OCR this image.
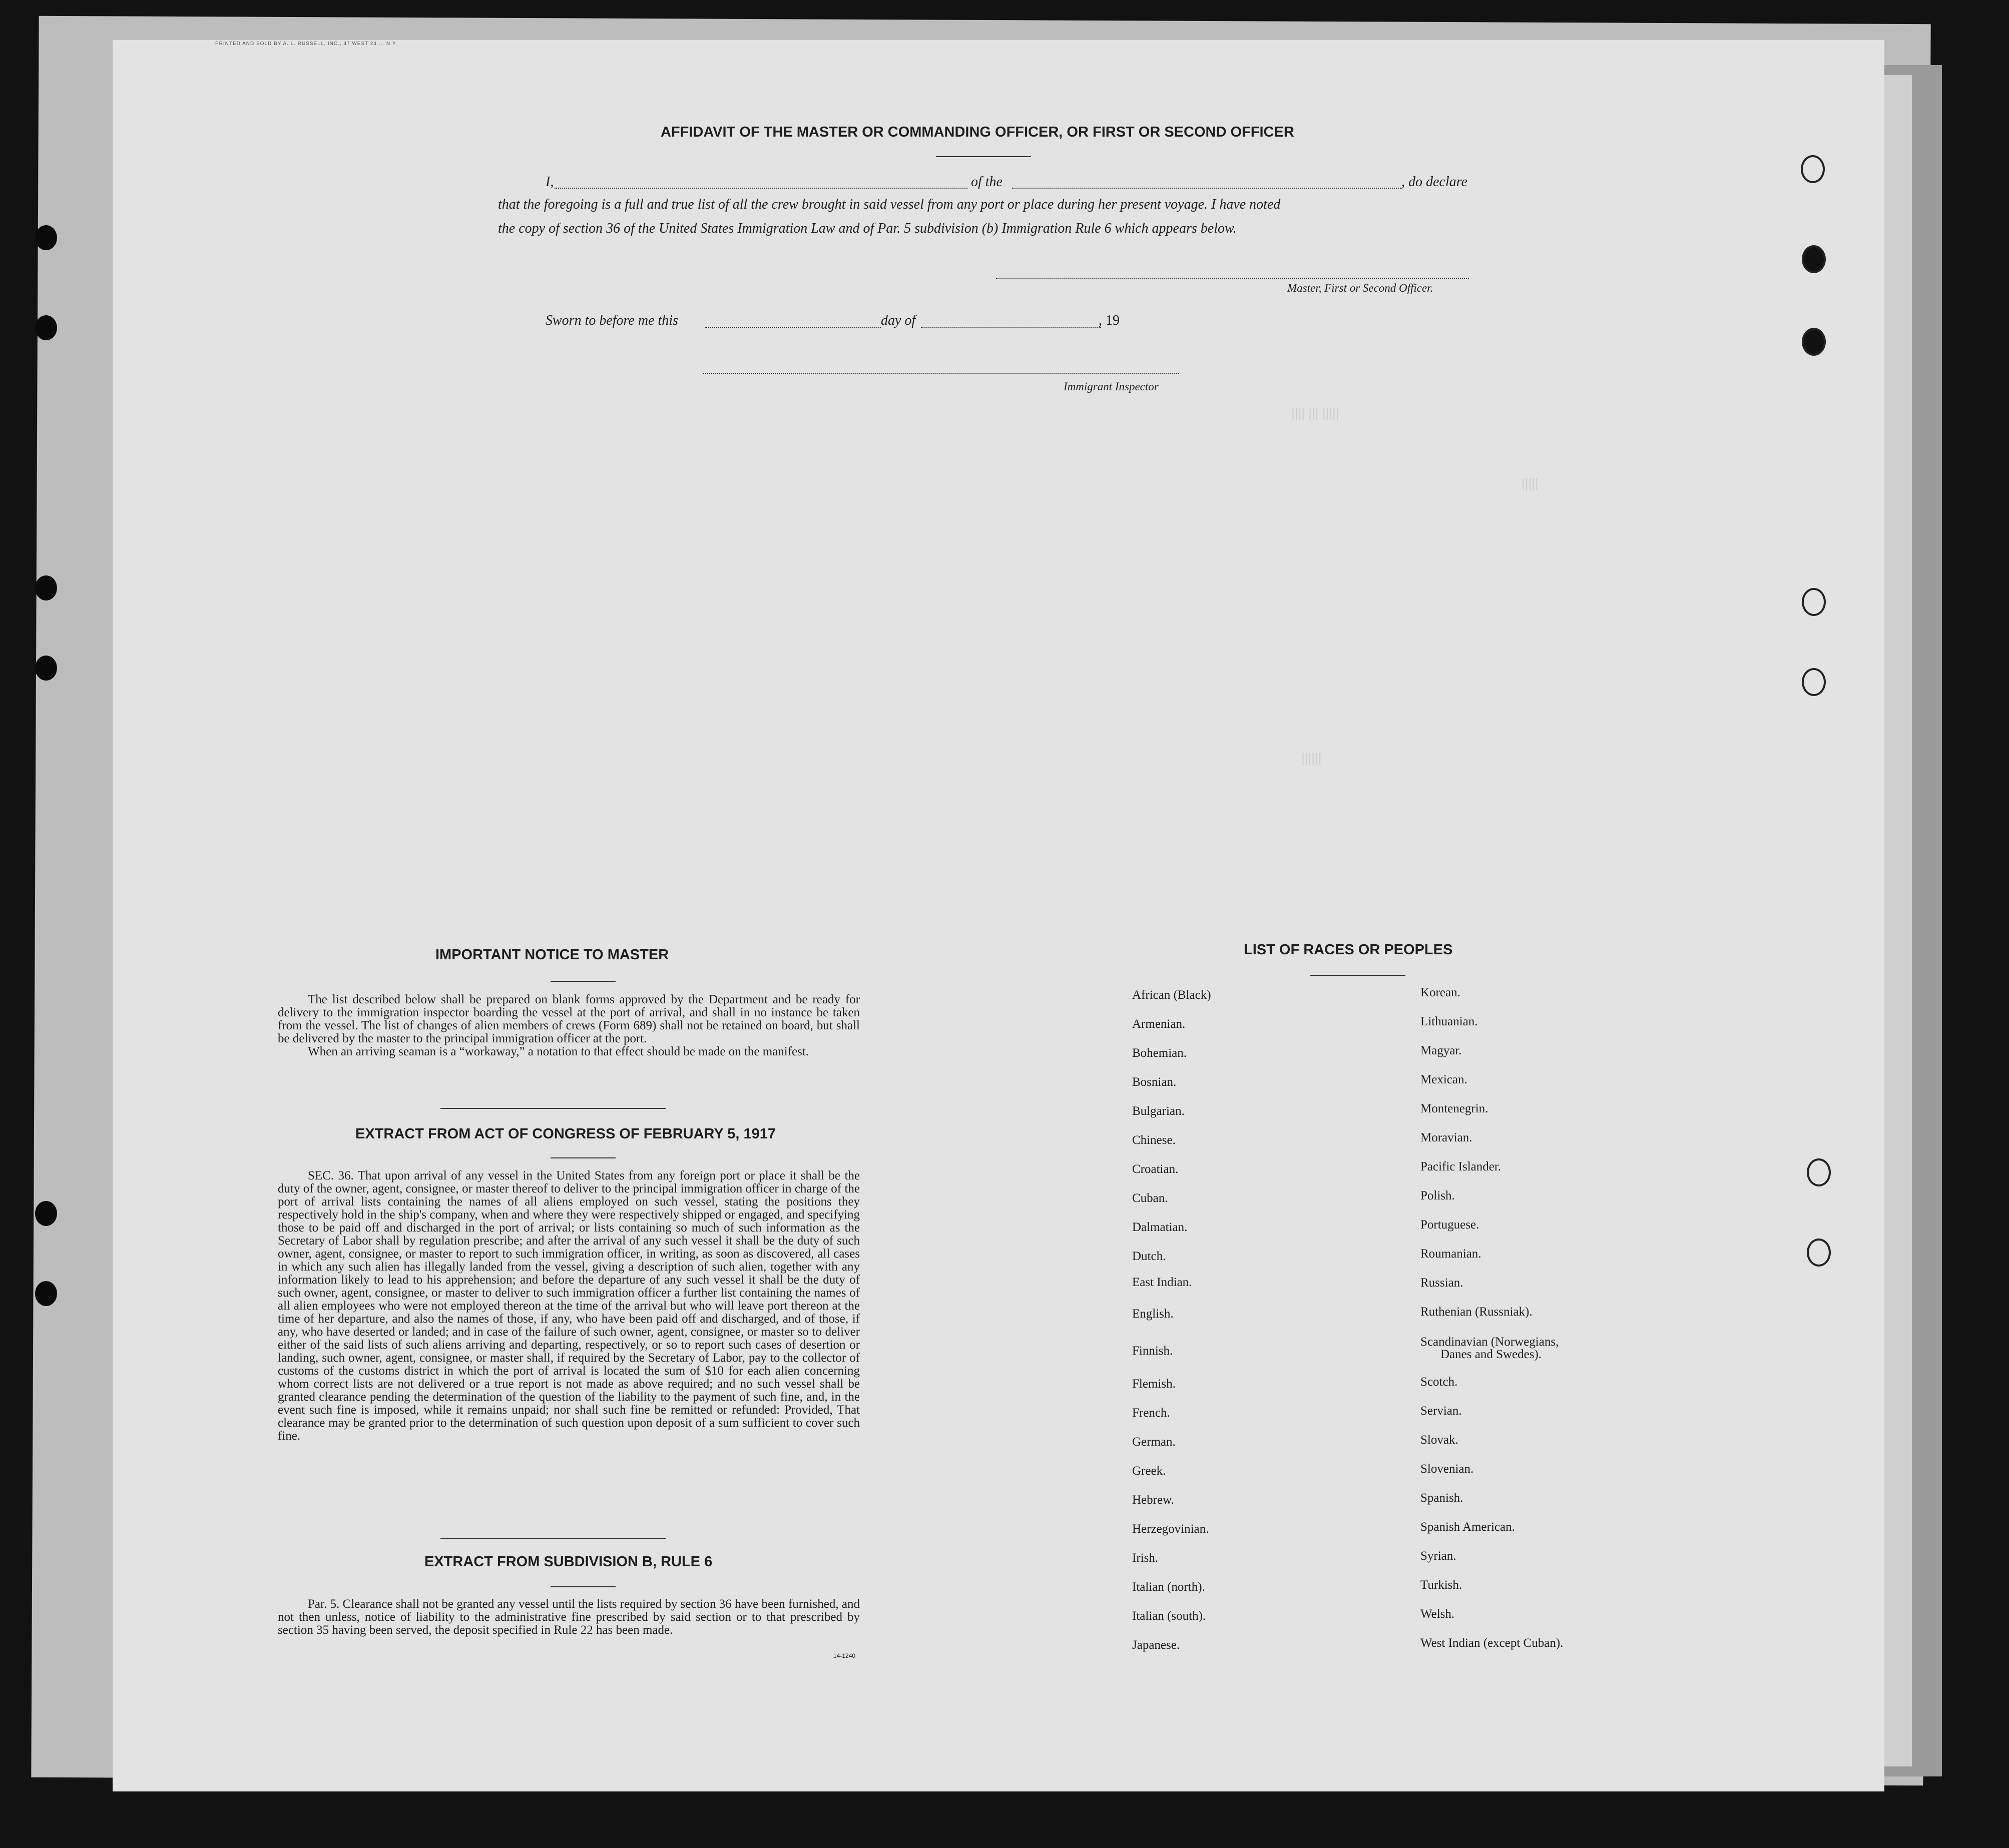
|||| ||| |||||
|||||
||||||
PRINTED AND SOLD BY A. L. RUSSELL, INC., 47 WEST 24 ... N.Y.
AFFIDAVIT OF THE MASTER OR COMMANDING OFFICER, OR FIRST OR SECOND OFFICER
I,	of the	, do declare
that the foregoing is a full and true list of all the crew brought in said vessel from any port or place during her present voyage. I have noted
the copy of section 36 of the United States Immigration Law and of Par. 5 subdivision (b) Immigration Rule 6 which appears below.
Master, First or Second Officer.
Sworn to before me this	day of	, 19
Immigrant Inspector
IMPORTANT NOTICE TO MASTER

The list described below shall be prepared on blank forms approved by the Department and be ready for delivery to the immigration inspector boarding the vessel at the port of arrival, and shall in no instance be taken from the vessel. The list of changes of alien members of crews (Form 689) shall not be retained on board, but shall be delivered by the master to the principal immigration officer at the port.

When an arriving seaman is a “workaway,” a notation to that effect should be made on the manifest.

EXTRACT FROM ACT OF CONGRESS OF FEBRUARY 5, 1917

SEC. 36. That upon arrival of any vessel in the United States from any foreign port or place it shall be the duty of the owner, agent, consignee, or master thereof to deliver to the principal immigration officer in charge of the port of arrival lists containing the names of all aliens employed on such vessel, stating the positions they respectively hold in the ship's company, when and where they were respectively shipped or engaged, and specifying those to be paid off and discharged in the port of arrival; or lists containing so much of such information as the Secretary of Labor shall by regulation prescribe; and after the arrival of any such vessel it shall be the duty of such owner, agent, consignee, or master to report to such immigration officer, in writing, as soon as discovered, all cases in which any such alien has illegally landed from the vessel, giving a description of such alien, together with any information likely to lead to his apprehension; and before the departure of any such vessel it shall be the duty of such owner, agent, consignee, or master to deliver to such immigration officer a further list containing the names of all alien employees who were not employed thereon at the time of the arrival but who will leave port thereon at the time of her departure, and also the names of those, if any, who have been paid off and discharged, and of those, if any, who have deserted or landed; and in case of the failure of such owner, agent, consignee, or master so to deliver either of the said lists of such aliens arriving and departing, respectively, or so to report such cases of desertion or landing, such owner, agent, consignee, or master shall, if required by the Secretary of Labor, pay to the collector of customs of the customs district in which the port of arrival is located the sum of $10 for each alien concerning whom correct lists are not delivered or a true report is not made as above required; and no such vessel shall be granted clearance pending the determination of the question of the liability to the payment of such fine, and, in the event such fine is imposed, while it remains unpaid; nor shall such fine be remitted or refunded: Provided, That clearance may be granted prior to the determination of such question upon deposit of a sum sufficient to cover such fine.

EXTRACT FROM SUBDIVISION B, RULE 6

Par. 5. Clearance shall not be granted any vessel until the lists required by section 36 have been furnished, and not then unless, notice of liability to the administrative fine prescribed by said section or to that prescribed by section 35 having been served, the deposit specified in Rule 22 has been made.

14-1240
LIST OF RACES OR PEOPLES
African (Black)
Armenian.
Bohemian.
Bosnian.
Bulgarian.
Chinese.
Croatian.
Cuban.
Dalmatian.
Dutch.
East Indian.
English.
Finnish.
Flemish.
French.
German.
Greek.
Hebrew.
Herzegovinian.
Irish.
Italian (north).
Italian (south).
Japanese.
Korean.
Lithuanian.
Magyar.
Mexican.
Montenegrin.
Moravian.
Pacific Islander.
Polish.
Portuguese.
Roumanian.
Russian.
Ruthenian (Russniak).
Scandinavian (Norwegians,
Danes and Swedes).
Scotch.
Servian.
Slovak.
Slovenian.
Spanish.
Spanish American.
Syrian.
Turkish.
Welsh.
West Indian (except Cuban).
